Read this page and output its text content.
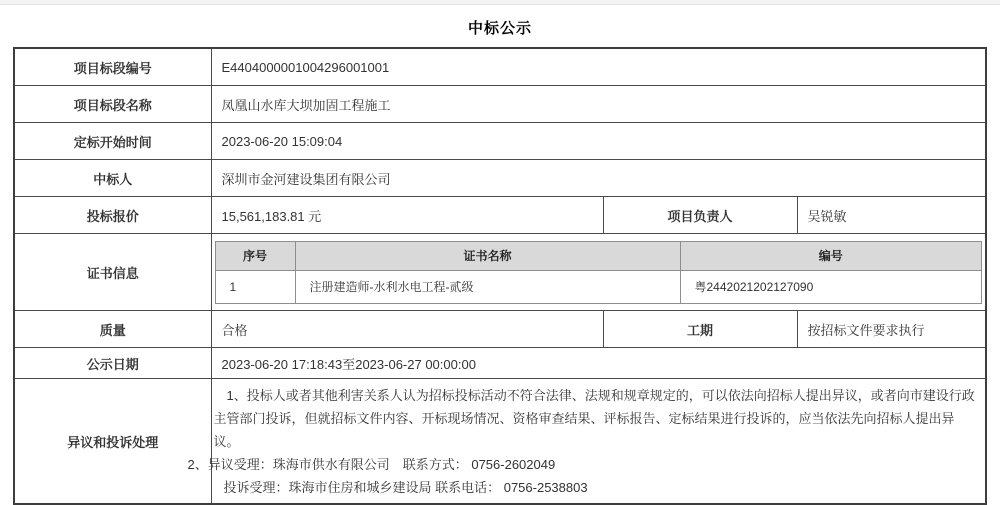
中标公示
项目标段编号	E4404000001004296001001
项目标段名称	凤凰山水库大坝加固工程施工
定标开始时间	2023-06-20 15:09:04
中标人	深圳市金河建设集团有限公司
投标报价	15,561,183.81 元	项目负责人	吴锐敏
证书信息	
序号	证书名称	编号
1	注册建造师-水利水电工程-贰级	粤2442021202127090

质量	合格	工期	按招标文件要求执行
公示日期	2023-06-20 17:18:43至2023-06-27 00:00:00
异议和投诉处理	

1、投标人或者其他利害关系人认为招标投标活动不符合法律、法规和规章规定的，可以依法向招标人提出异议，或者向市建设行政主管部门投诉，但就招标文件内容、开标现场情况、资格审查结果、评标报告、定标结果进行投诉的，应当依法先向招标人提出异议。

2、异议受理：珠海市供水有限公司　联系方式： 0756-2602049

投诉受理：珠海市住房和城乡建设局 联系电话： 0756-2538803
